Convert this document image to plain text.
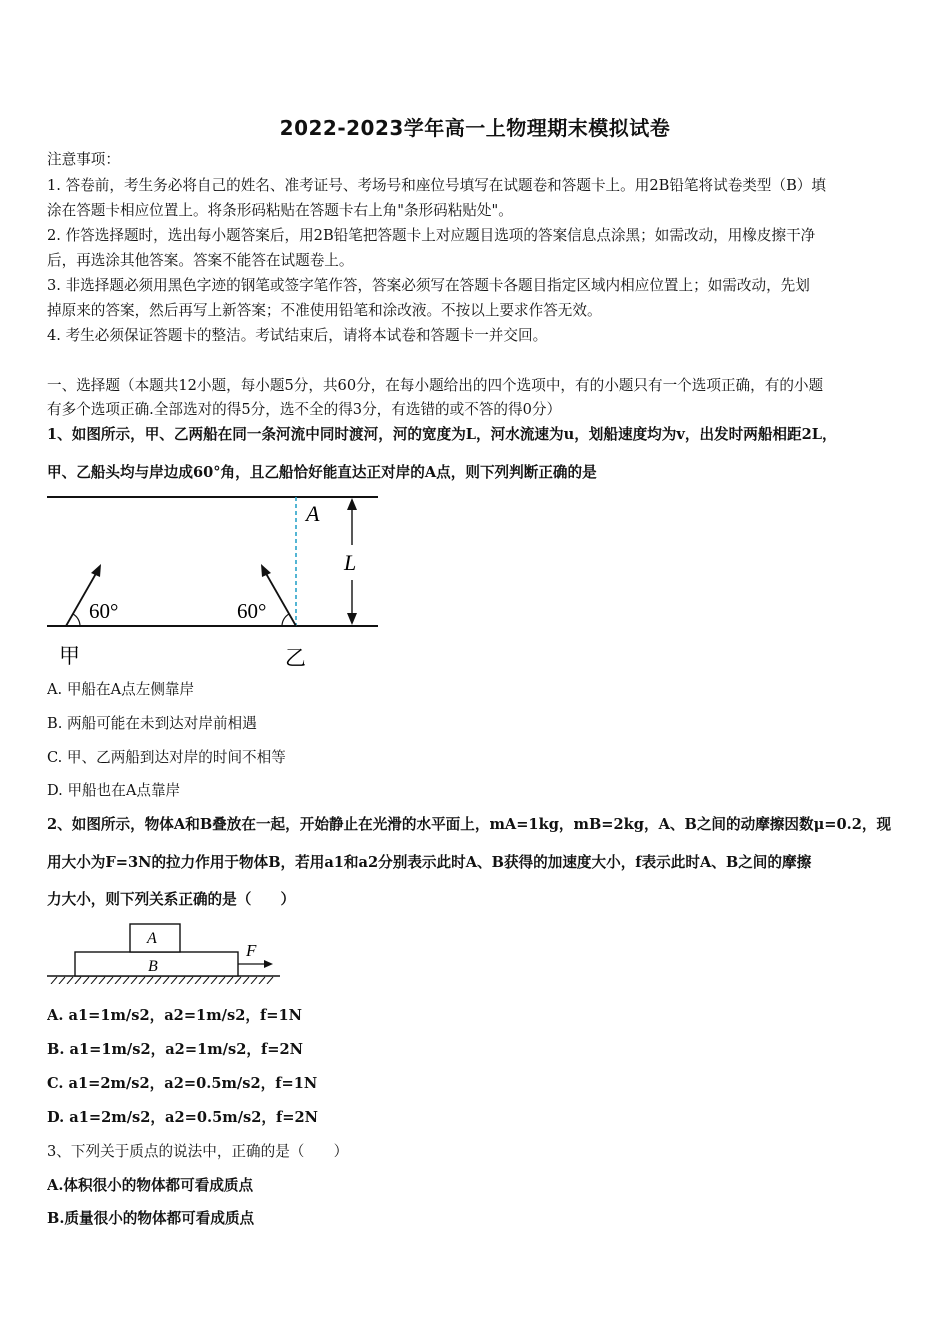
2022-2023学年高一上物理期末模拟试卷
注意事项：
1. 答卷前，考生务必将自己的姓名、准考证号、考场号和座位号填写在试题卷和答题卡上。用2B铅笔将试卷类型（B）填
涂在答题卡相应位置上。将条形码粘贴在答题卡右上角"条形码粘贴处"。
2. 作答选择题时，选出每小题答案后，用2B铅笔把答题卡上对应题目选项的答案信息点涂黑；如需改动，用橡皮擦干净
后，再选涂其他答案。答案不能答在试题卷上。
3. 非选择题必须用黑色字迹的钢笔或签字笔作答，答案必须写在答题卡各题目指定区域内相应位置上；如需改动，先划
掉原来的答案，然后再写上新答案；不准使用铅笔和涂改液。不按以上要求作答无效。
4. 考生必须保证答题卡的整洁。考试结束后，请将本试卷和答题卡一并交回。
一、选择题（本题共12小题，每小题5分，共60分，在每小题给出的四个选项中，有的小题只有一个选项正确，有的小题
有多个选项正确.全部选对的得5分，选不全的得3分，有选错的或不答的得0分）
1、如图所示，甲、乙两船在同一条河流中同时渡河，河的宽度为L，河水流速为u，划船速度均为v，出发时两船相距2L，
甲、乙船头均与岸边成60°角，且乙船恰好能直达正对岸的A点，则下列判断正确的是
L
A
60°	60°
甲	乙
A. 甲船在A点左侧靠岸
B. 两船可能在未到达对岸前相遇
C. 甲、乙两船到达对岸的时间不相等
D. 甲船也在A点靠岸
2、如图所示，物体A和B叠放在一起，开始静止在光滑的水平面上，mA=1kg，mB=2kg，A、B之间的动摩擦因数μ=0.2，现
用大小为F=3N的拉力作用于物体B，若用a1和a2分别表示此时A、B获得的加速度大小，f表示此时A、B之间的摩擦
力大小，则下列关系正确的是（　　）
A
B
F
A. a1=1m/s2，a2=1m/s2，f=1N
B. a1=1m/s2，a2=1m/s2，f=2N
C. a1=2m/s2，a2=0.5m/s2，f=1N
D. a1=2m/s2，a2=0.5m/s2，f=2N
3、下列关于质点的说法中，正确的是（　　）
A.体积很小的物体都可看成质点
B.质量很小的物体都可看成质点
